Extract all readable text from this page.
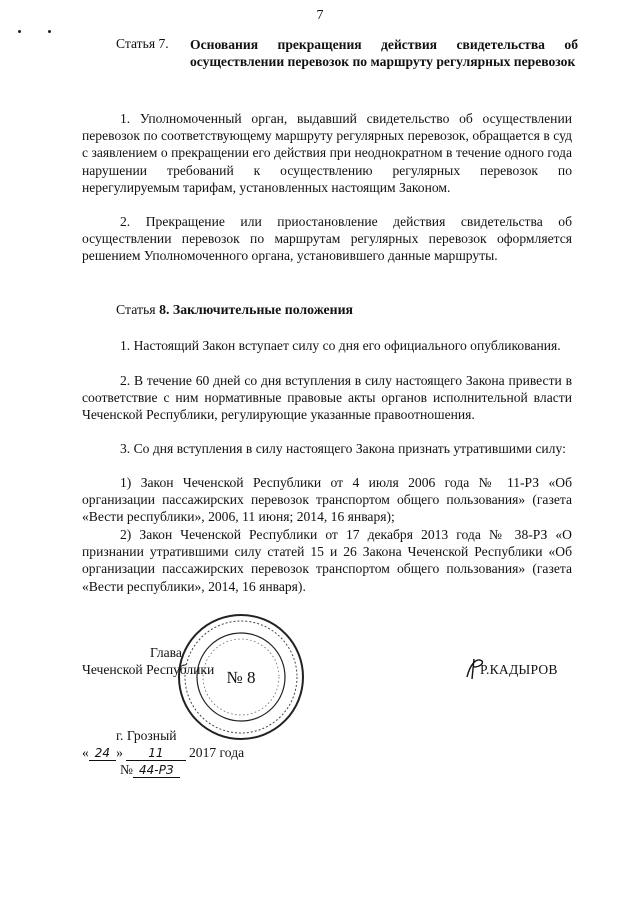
7
Статья 7. Основания прекращения действия свидетельства об осуществлении перевозок по маршруту регулярных перевозок
1. Уполномоченный орган, выдавший свидетельство об осуществлении перевозок по соответствующему маршруту регулярных перевозок, обращается в суд с заявлением о прекращении его действия при неоднократном в течение одного года нарушении требований к осуществлению регулярных перевозок по нерегулируемым тарифам, установленных настоящим Законом.
2. Прекращение или приостановление действия свидетельства об осуществлении перевозок по маршрутам регулярных перевозок оформляется решением Уполномоченного органа, установившего данные маршруты.
Статья 8. Заключительные положения
1. Настоящий Закон вступает силу со дня его официального опубликования.
2. В течение 60 дней со дня вступления в силу настоящего Закона привести в соответствие с ним нормативные правовые акты органов исполнительной власти Чеченской Республики, регулирующие указанные правоотношения.
3. Со дня вступления в силу настоящего Закона признать утратившими силу:
1) Закон Чеченской Республики от 4 июля 2006 года № 11-РЗ «Об организации пассажирских перевозок транспортом общего пользования» (газета «Вести республики», 2006, 11 июня; 2014, 16 января);
2) Закон Чеченской Республики от 17 декабря 2013 года № 38-РЗ «О признании утратившими силу статей 15 и 26 Закона Чеченской Республики «Об организации пассажирских перевозок транспортом общего пользования» (газета «Вести республики», 2014, 16 января).
№ 8
Глава
Чеченской Республики	Р.КАДЫРОВ
г. Грозный
« 24 » 11 2017 года
№ 44-РЗ
